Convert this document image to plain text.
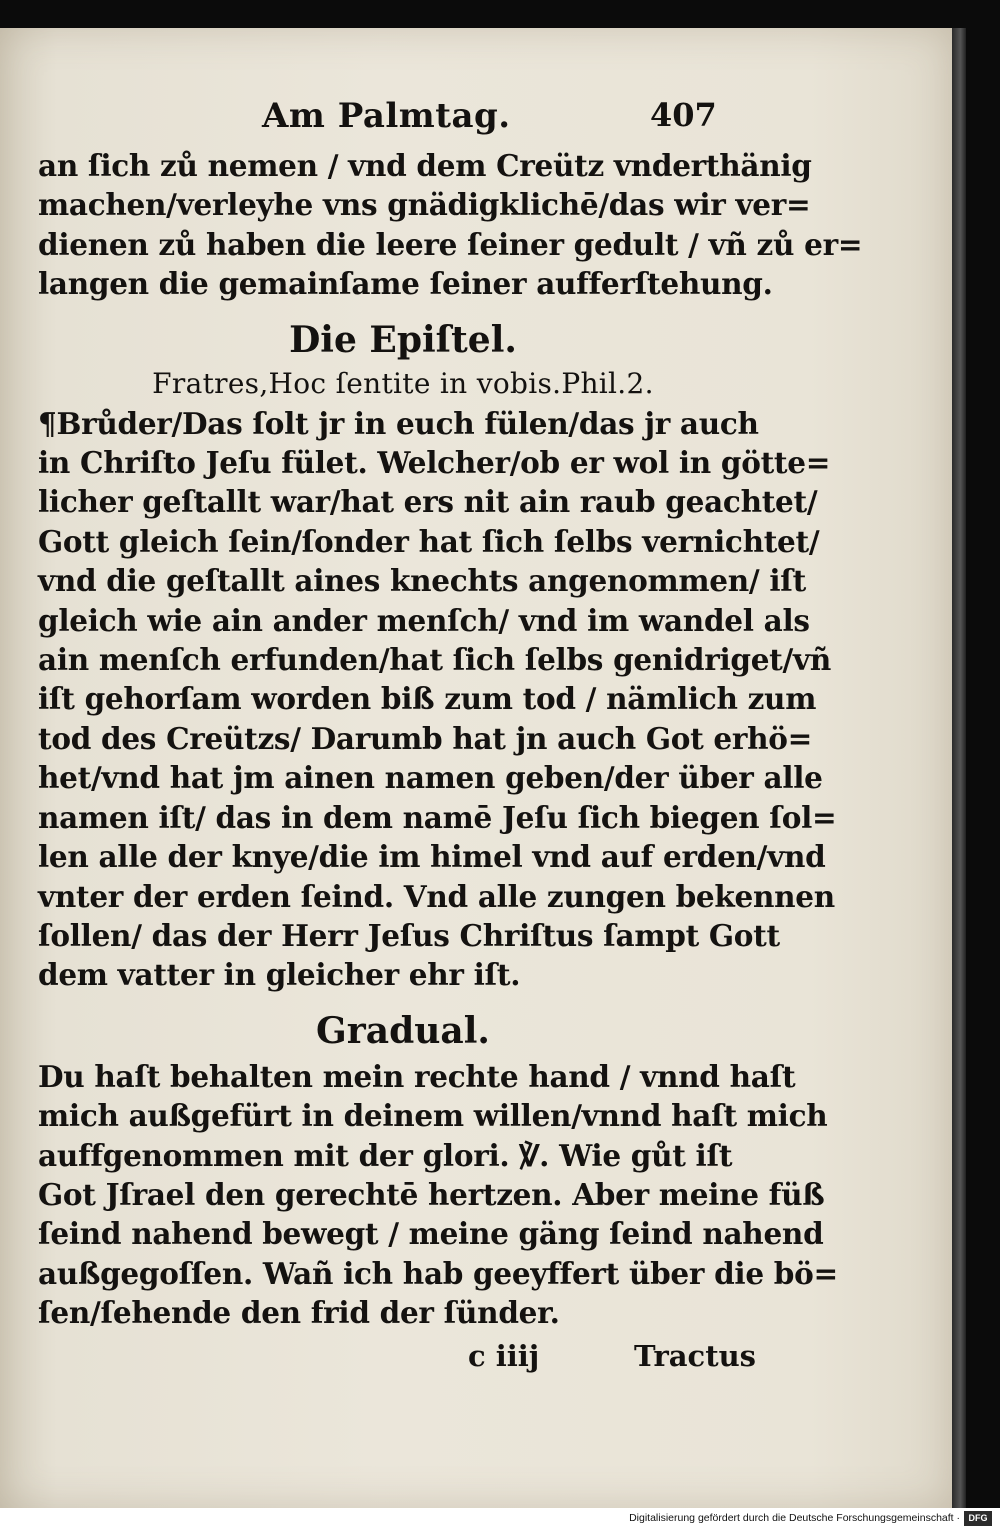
Am Palmtag.	407
an ſich zů nemen / vnd dem Creütz vnderthänig
machen/verleyhe vns gnädigklichē/das wir ver=
dienen zů haben die leere ſeiner gedult / vñ zů er=
langen die gemainſame ſeiner aufferſtehung.
Die Epiſtel.
Fratres,Hoc ſentite in vobis.Phil.2.
¶Brůder/Das ſolt jr in euch fülen/das jr auch
in Chriſto Jeſu fület. Welcher/ob er wol in götte=
licher geſtallt war/hat ers nit ain raub geachtet/
Gott gleich ſein/ſonder hat ſich ſelbs vernichtet/
vnd die geſtallt aines knechts angenommen/ iſt
gleich wie ain ander menſch/ vnd im wandel als
ain menſch erfunden/hat ſich ſelbs genidriget/vñ
iſt gehorſam worden biß zum tod / nämlich zum
tod des Creützs/ Darumb hat jn auch Got erhö=
het/vnd hat jm ainen namen geben/der über alle
namen iſt/ das in dem namē Jeſu ſich biegen ſol=
len alle der knye/die im himel vnd auf erden/vnd
vnter der erden ſeind. Vnd alle zungen bekennen
ſollen/ das der Herr Jeſus Chriſtus ſampt Gott
dem vatter in gleicher ehr iſt.
Gradual.
Du haſt behalten mein rechte hand / vnnd haſt
mich außgefürt in deinem willen/vnnd haſt mich
auffgenommen mit der glori. ℣. Wie gůt iſt
Got Jſrael den gerechtē hertzen. Aber meine füß
ſeind nahend bewegt / meine gäng ſeind nahend
außgegoſſen. Wañ ich hab geeyffert über die bö=
ſen/ſehende den frid der ſünder.
c iiij	Tractus
Digitalisierung gefördert durch die Deutsche Forschungsgemeinschaft · DFG
